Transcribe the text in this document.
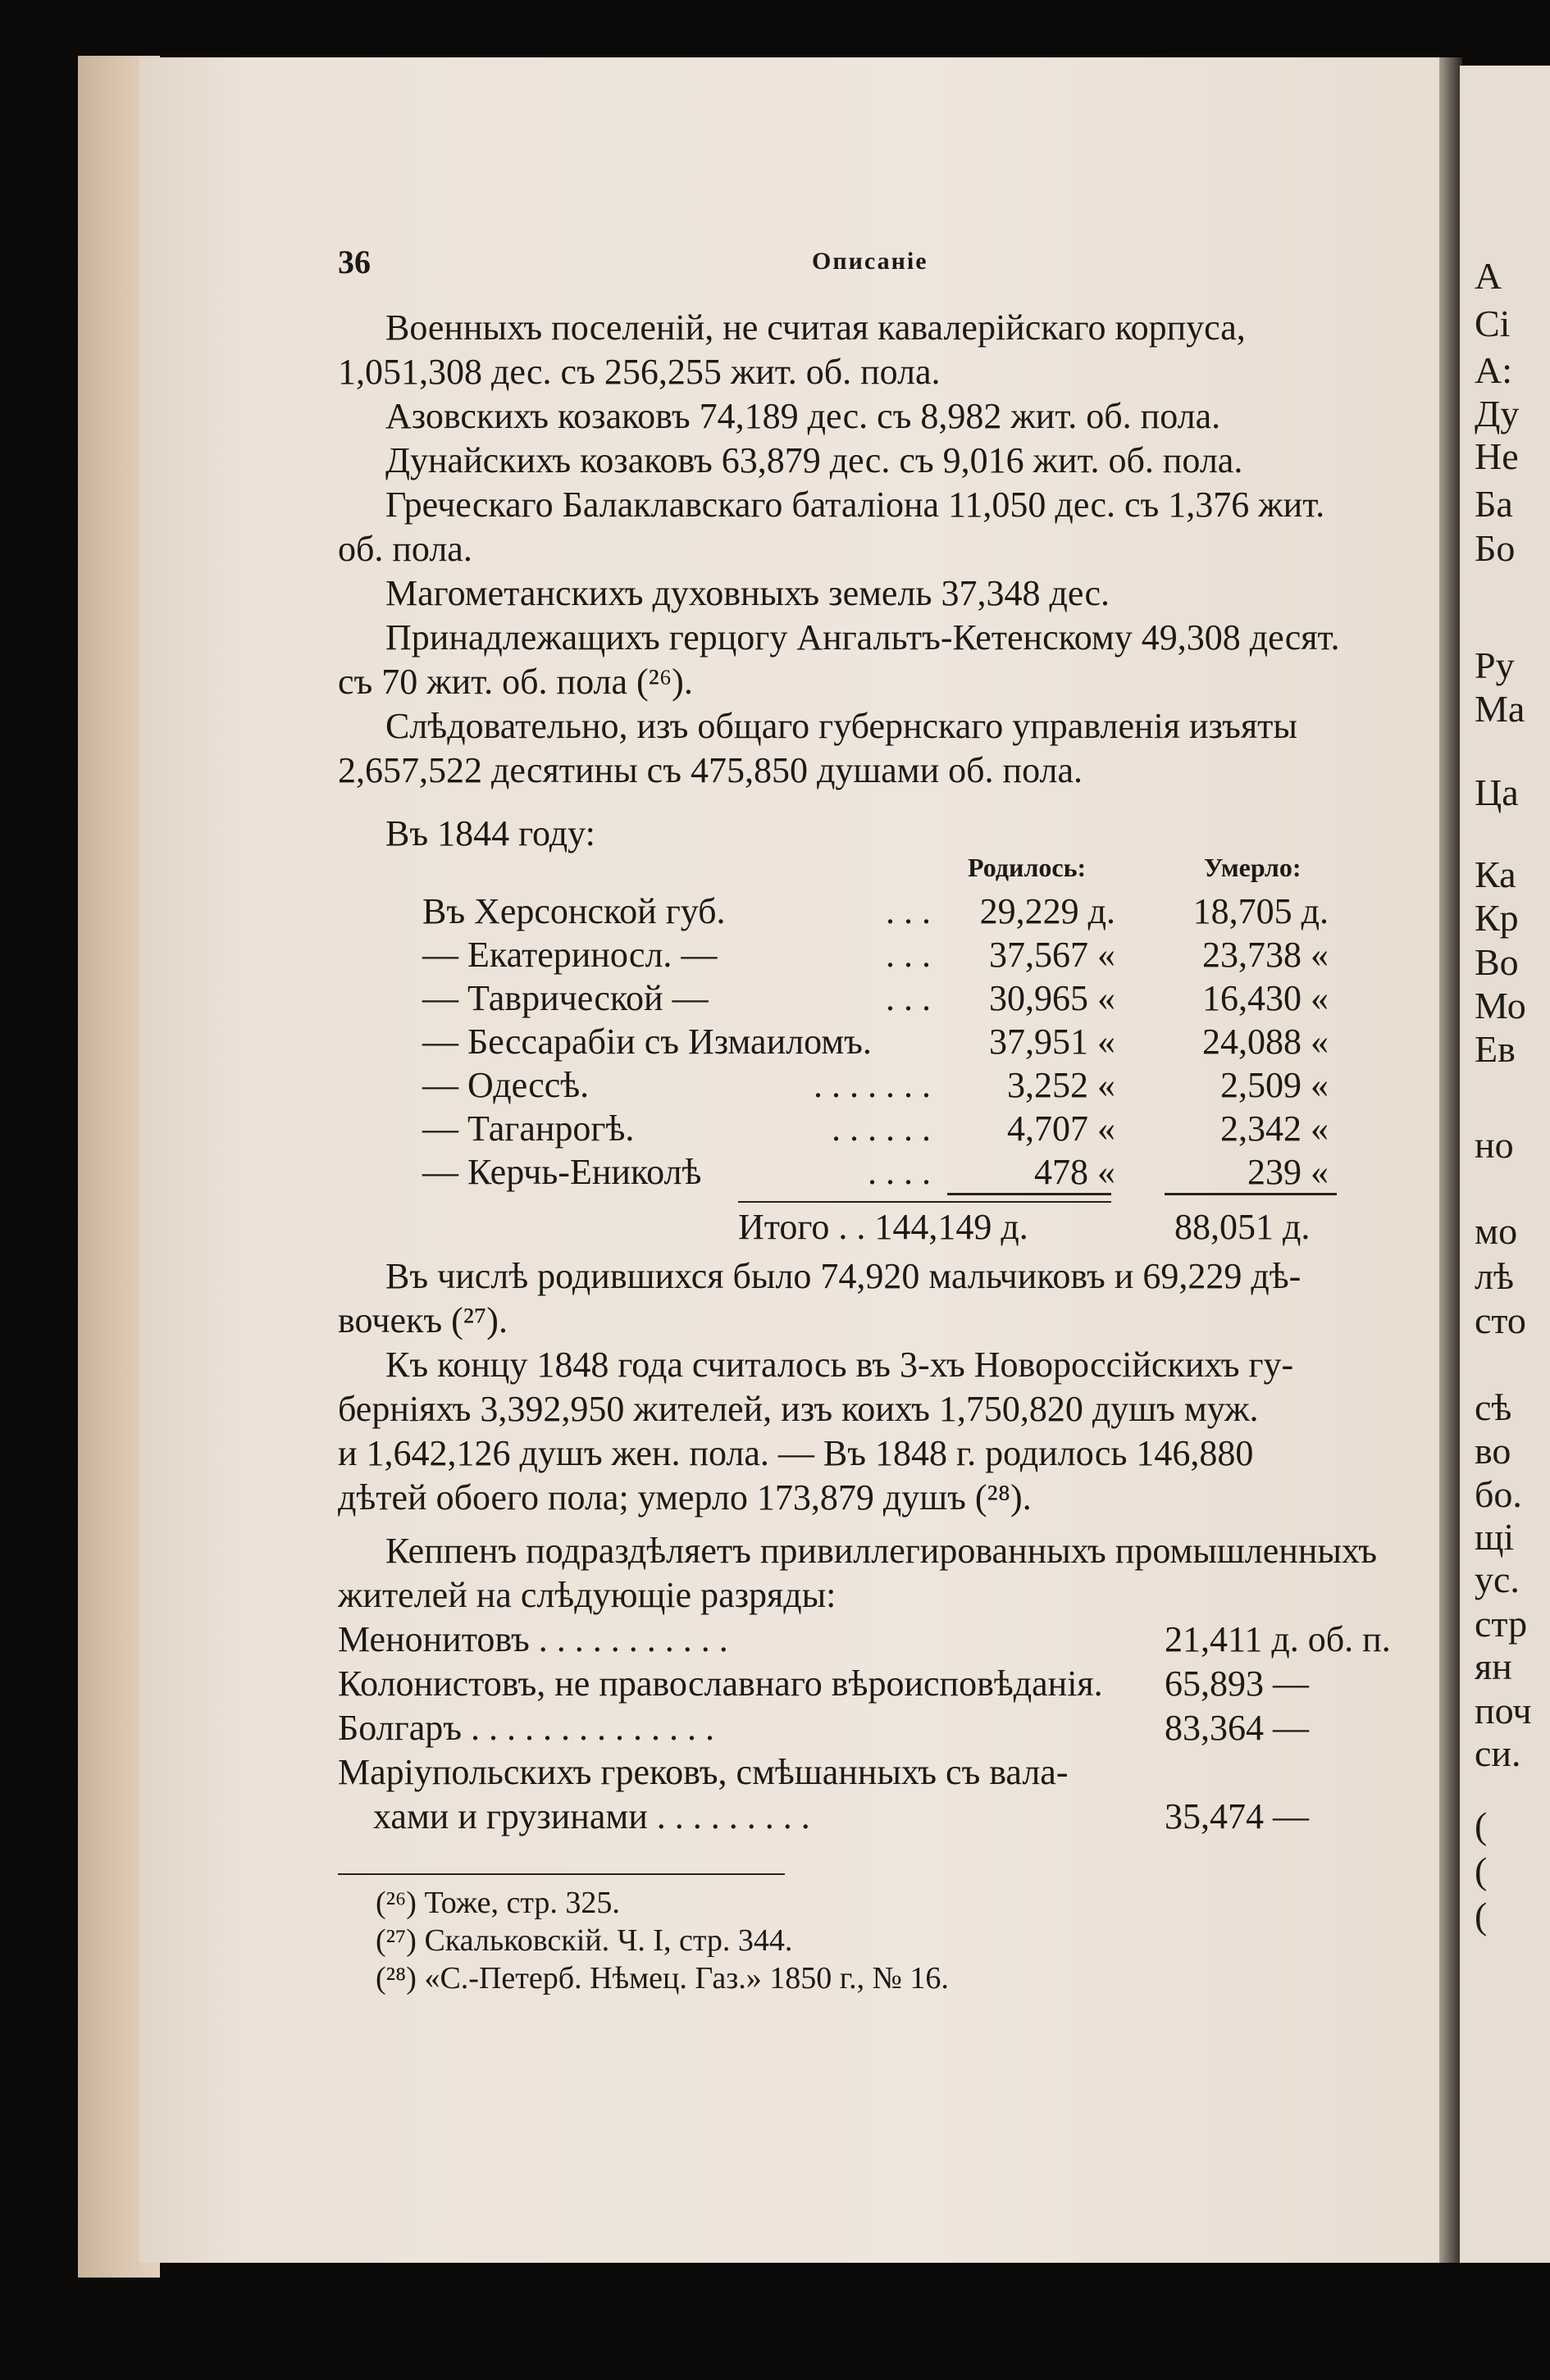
А
Сі
А:
Ду
Не
Ба
Бо
Ру
Ма
Ца
Ка
Кр
Во
Мо
Ев
но
мо
лѣ
сто
сѣ
во
бо.
щі
ус.
стр
ян
поч
си.
(
(
(
36	Описаніе
Военныхъ поселеній, не считая кавалерійскаго корпуса,
1,051,308 дес. съ 256,255 жит. об. пола.
Азовскихъ козаковъ 74,189 дес. съ 8,982 жит. об. пола.
Дунайскихъ козаковъ 63,879 дес. съ 9,016 жит. об. пола.
Греческаго Балаклавскаго баталіона 11,050 дес. съ 1,376 жит.
об. пола.
Магометанскихъ духовныхъ земель 37,348 дес.
Принадлежащихъ герцогу Ангальтъ-Кетенскому 49,308 десят.
съ 70 жит. об. пола (²⁶).
Слѣдовательно, изъ общаго губернскаго управленія изъяты
2,657,522 десятины съ 475,850 душами об. пола.
Въ 1844 году:
Родилось:	Умерло:
Итого . . 144,149 д.	88,051 д.
Въ числѣ родившихся было 74,920 мальчиковъ и 69,229 дѣ-
вочекъ (²⁷).
Къ концу 1848 года считалось въ 3-хъ Новороссійскихъ гу-
берніяхъ 3,392,950 жителей, изъ коихъ 1,750,820 душъ муж.
и 1,642,126 душъ жен. пола. — Въ 1848 г. родилось 146,880
дѣтей обоего пола; умерло 173,879 душъ (²⁸).
Кеппенъ подраздѣляетъ привиллегированныхъ промышленныхъ
жителей на слѣдующіе разряды:
Въ Херсонской губ.	. . .	29,229 д.	18,705 д.
— Екатериносл. —	. . .	37,567 «	23,738 «
— Таврической —	. . .	30,965 «	16,430 «
— Бессарабіи съ Измаиломъ.	37,951 «	24,088 «
— Одессѣ.	. . . . . . .	3,252 «	2,509 «
— Таганрогѣ.	. . . . . .	4,707 «	2,342 «
— Керчь-Eниколѣ	. . . .	478 «	239 «
Менонитовъ . . . . . . . . . . .	21,411 д. об. п.
Колонистовъ, не православнаго вѣроисповѣданія. 65,893 —
Болгаръ . . . . . . . . . . . . . .	83,364 —
Маріупольскихъ грековъ, смѣшанныхъ съ вала-
хами и грузинами . . . . . . . . .	35,474 —
(²⁶) Тоже, стр. 325.
(²⁷) Скальковскій. Ч. I, стр. 344.
(²⁸) «С.-Петерб. Нѣмец. Газ.» 1850 г., № 16.
